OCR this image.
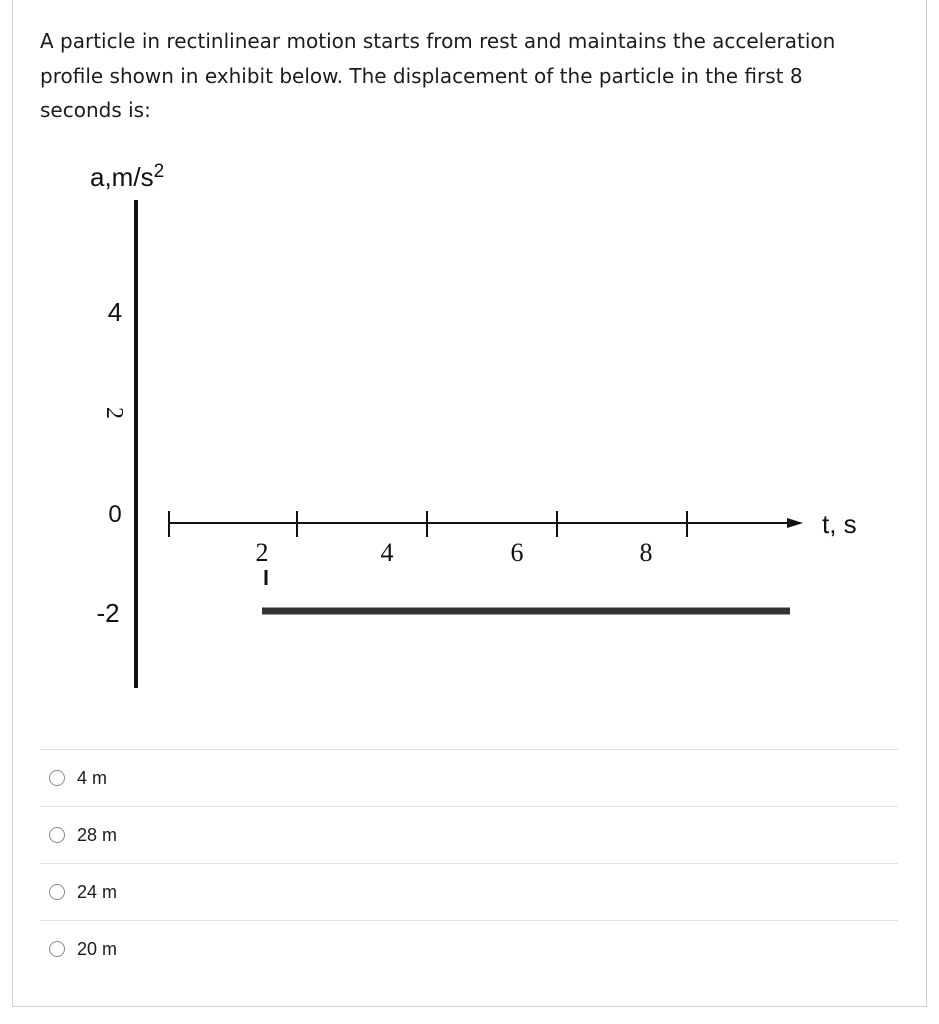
A particle in rectinlinear motion starts from rest and maintains the acceleration

profile shown in exhibit below. The displacement of the particle in the first 8

seconds is:

$a,m/s^2$
4
2
0
-2
2	4	6	8
t, s
4 m
28 m
24 m
20 m
